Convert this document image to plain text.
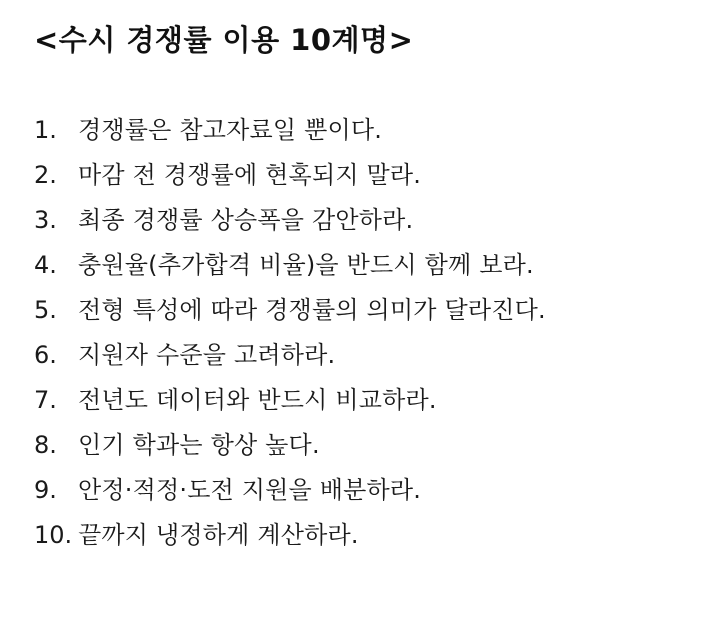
<수시 경쟁률 이용 10계명>
1. 경쟁률은 참고자료일 뿐이다.
2. 마감 전 경쟁률에 현혹되지 말라.
3. 최종 경쟁률 상승폭을 감안하라.
4. 충원율(추가합격 비율)을 반드시 함께 보라.
5. 전형 특성에 따라 경쟁률의 의미가 달라진다.
6. 지원자 수준을 고려하라.
7. 전년도 데이터와 반드시 비교하라.
8. 인기 학과는 항상 높다.
9. 안정·적정·도전 지원을 배분하라.
10. 끝까지 냉정하게 계산하라.
